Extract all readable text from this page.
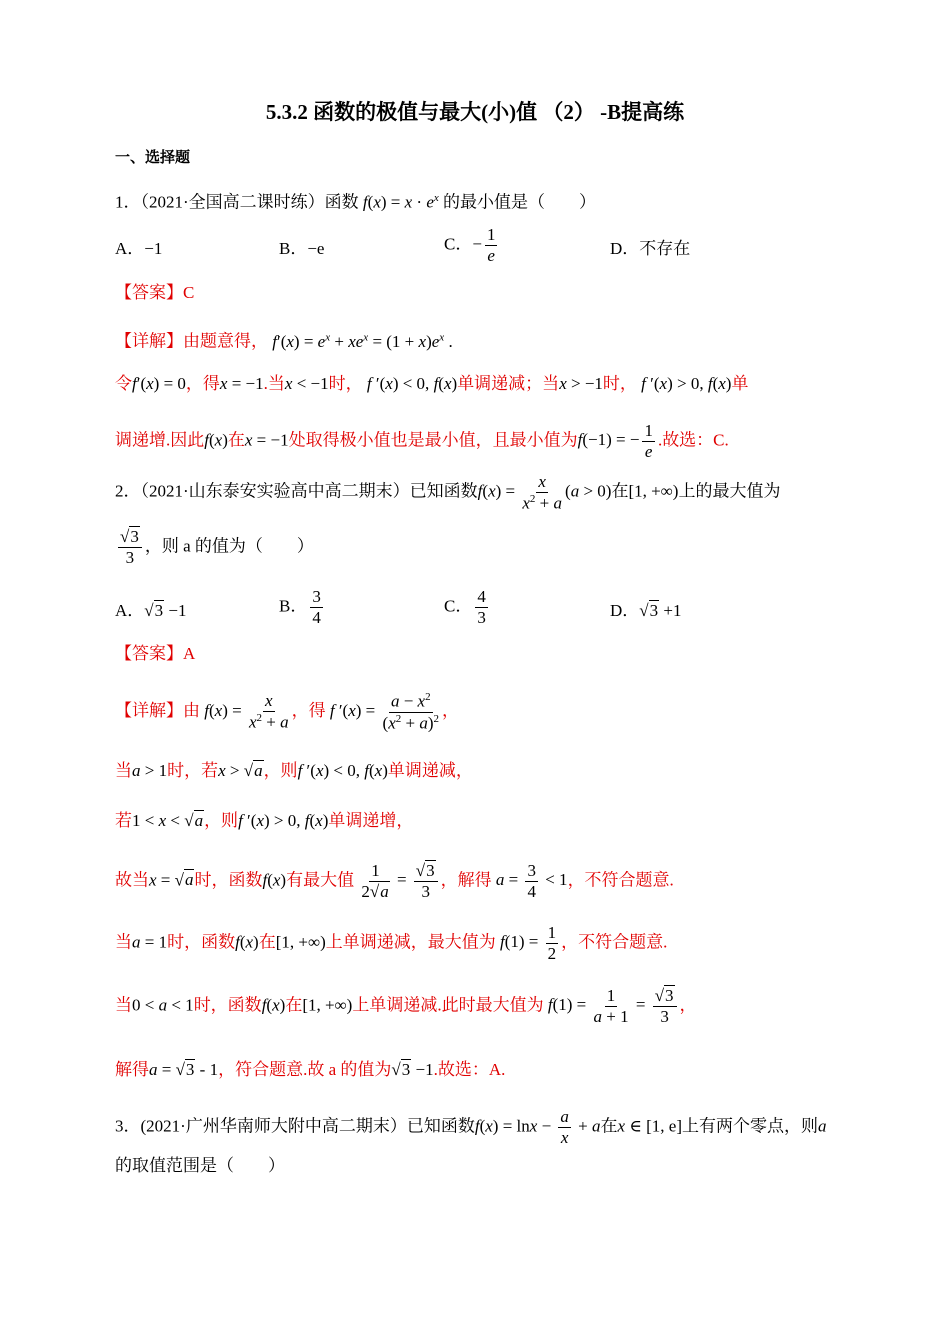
5.3.2 函数的极值与最大(小)值 （2） -B提高练
一、选择题
1．（2021·全国高二课时练）函数 $f(x) = x \cdot e^x$ 的最小值是（　　）
A．−1	B．−e	C．− $\frac{1}{e}$	D．不存在
【答案】C
【详解】由题意得， $f'(x) = e^x + xe^x = (1 + x)e^x$ .
令f′(x) = 0，得x = −1.当x < −1时， f ′(x) < 0, f(x)单调递减；当x > −1时， f ′(x) > 0, f(x)单
调递增.因此f(x)在x = −1处取得极小值也是最小值，且最小值为f(−1) = − $\frac{1}{e}$ .故选：C.
2．（2021·山东泰安实验高中高二期末）已知函数$f(x) = \frac{x}{x^2 + a} (a > 0)$在[1, +∞)上的最大值为
$\frac{√3}{3}$ ，则 a 的值为（　　）
A．√3 −1	B． $\frac{3}{4}$	C． $\frac{4}{3}$	D．√3 +1
【答案】A
【详解】由 $f(x) = \frac{x}{x^2 + a}$ ，得 f $'(x) = \frac{a - x^2}{(x^2 + a)^2}$ ，
当a > 1时，若x > √a，则f ′(x) < 0, f(x)单调递减，
若1 < x < √a，则f ′(x) > 0, f(x)单调递增，
故当x = √a时，函数f(x)有最大值 $\frac{1}{2√a} = \frac{√3}{3}$ ，解得 $a = \frac{3}{4} < 1$，不符合题意.
当a = 1时，函数f(x)在[1, +∞)上单调递减，最大值为 $f(1) = \frac{1}{2}$ ，不符合题意.
当0 < a < 1时，函数f(x)在[1, +∞)上单调递减.此时最大值为 $f(1) = \frac{1}{a + 1} = \frac{√3}{3}$ ，
解得a = √3 - 1，符合题意.故 a 的值为√3 −1.故选：A.
3．(2021·广州华南师大附中高二期末）已知函数$f(x) = \ln x - \frac{a}{x} + a$在x ∈ [1, e]上有两个零点，则a
的取值范围是（　　）
